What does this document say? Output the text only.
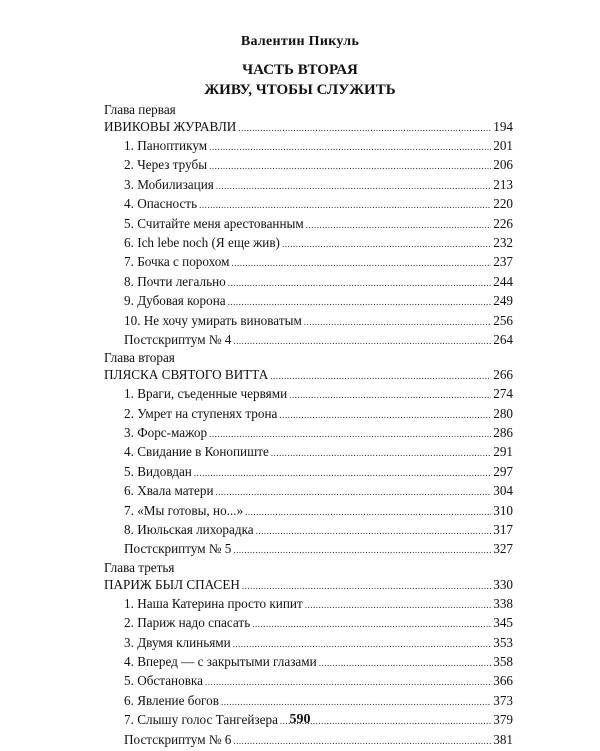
Валентин Пикуль
ЧАСТЬ ВТОРАЯ
ЖИВУ, ЧТОБЫ СЛУЖИТЬ
Глава первая
ИВИКОВЫ ЖУРАВЛИ .....	194
1. Паноптикум .....	201
2. Через трубы .....	206
3. Мобилизация .....	213
4. Опасность .....	220
5. Считайте меня арестованным .....	226
6. Ich lebe noch (Я еще жив) .....	232
7. Бочка с порохом .....	237
8. Почти легально .....	244
9. Дубовая корона .....	249
10. Не хочу умирать виноватым .....	256
Постскриптум № 4 .....	264
Глава вторая
ПЛЯСКА СВЯТОГО ВИТТА .....	266
1. Враги, съеденные червями .....	274
2. Умрет на ступенях трона .....	280
3. Форс-мажор .....	286
4. Свидание в Конопиште .....	291
5. Видовдан .....	297
6. Хвала матери .....	304
7. «Мы готовы, но...» .....	310
8. Июльская лихорадка .....	317
Постскриптум № 5 .....	327
Глава третья
ПАРИЖ БЫЛ СПАСЕН .....	330
1. Наша Катерина просто кипит .....	338
2. Париж надо спасать .....	345
3. Двумя клиньями .....	353
4. Вперед — с закрытыми глазами .....	358
5. Обстановка .....	366
6. Явление богов .....	373
7. Слышу голос Тангейзера .....	379
Постскриптум № 6 .....	381
590
